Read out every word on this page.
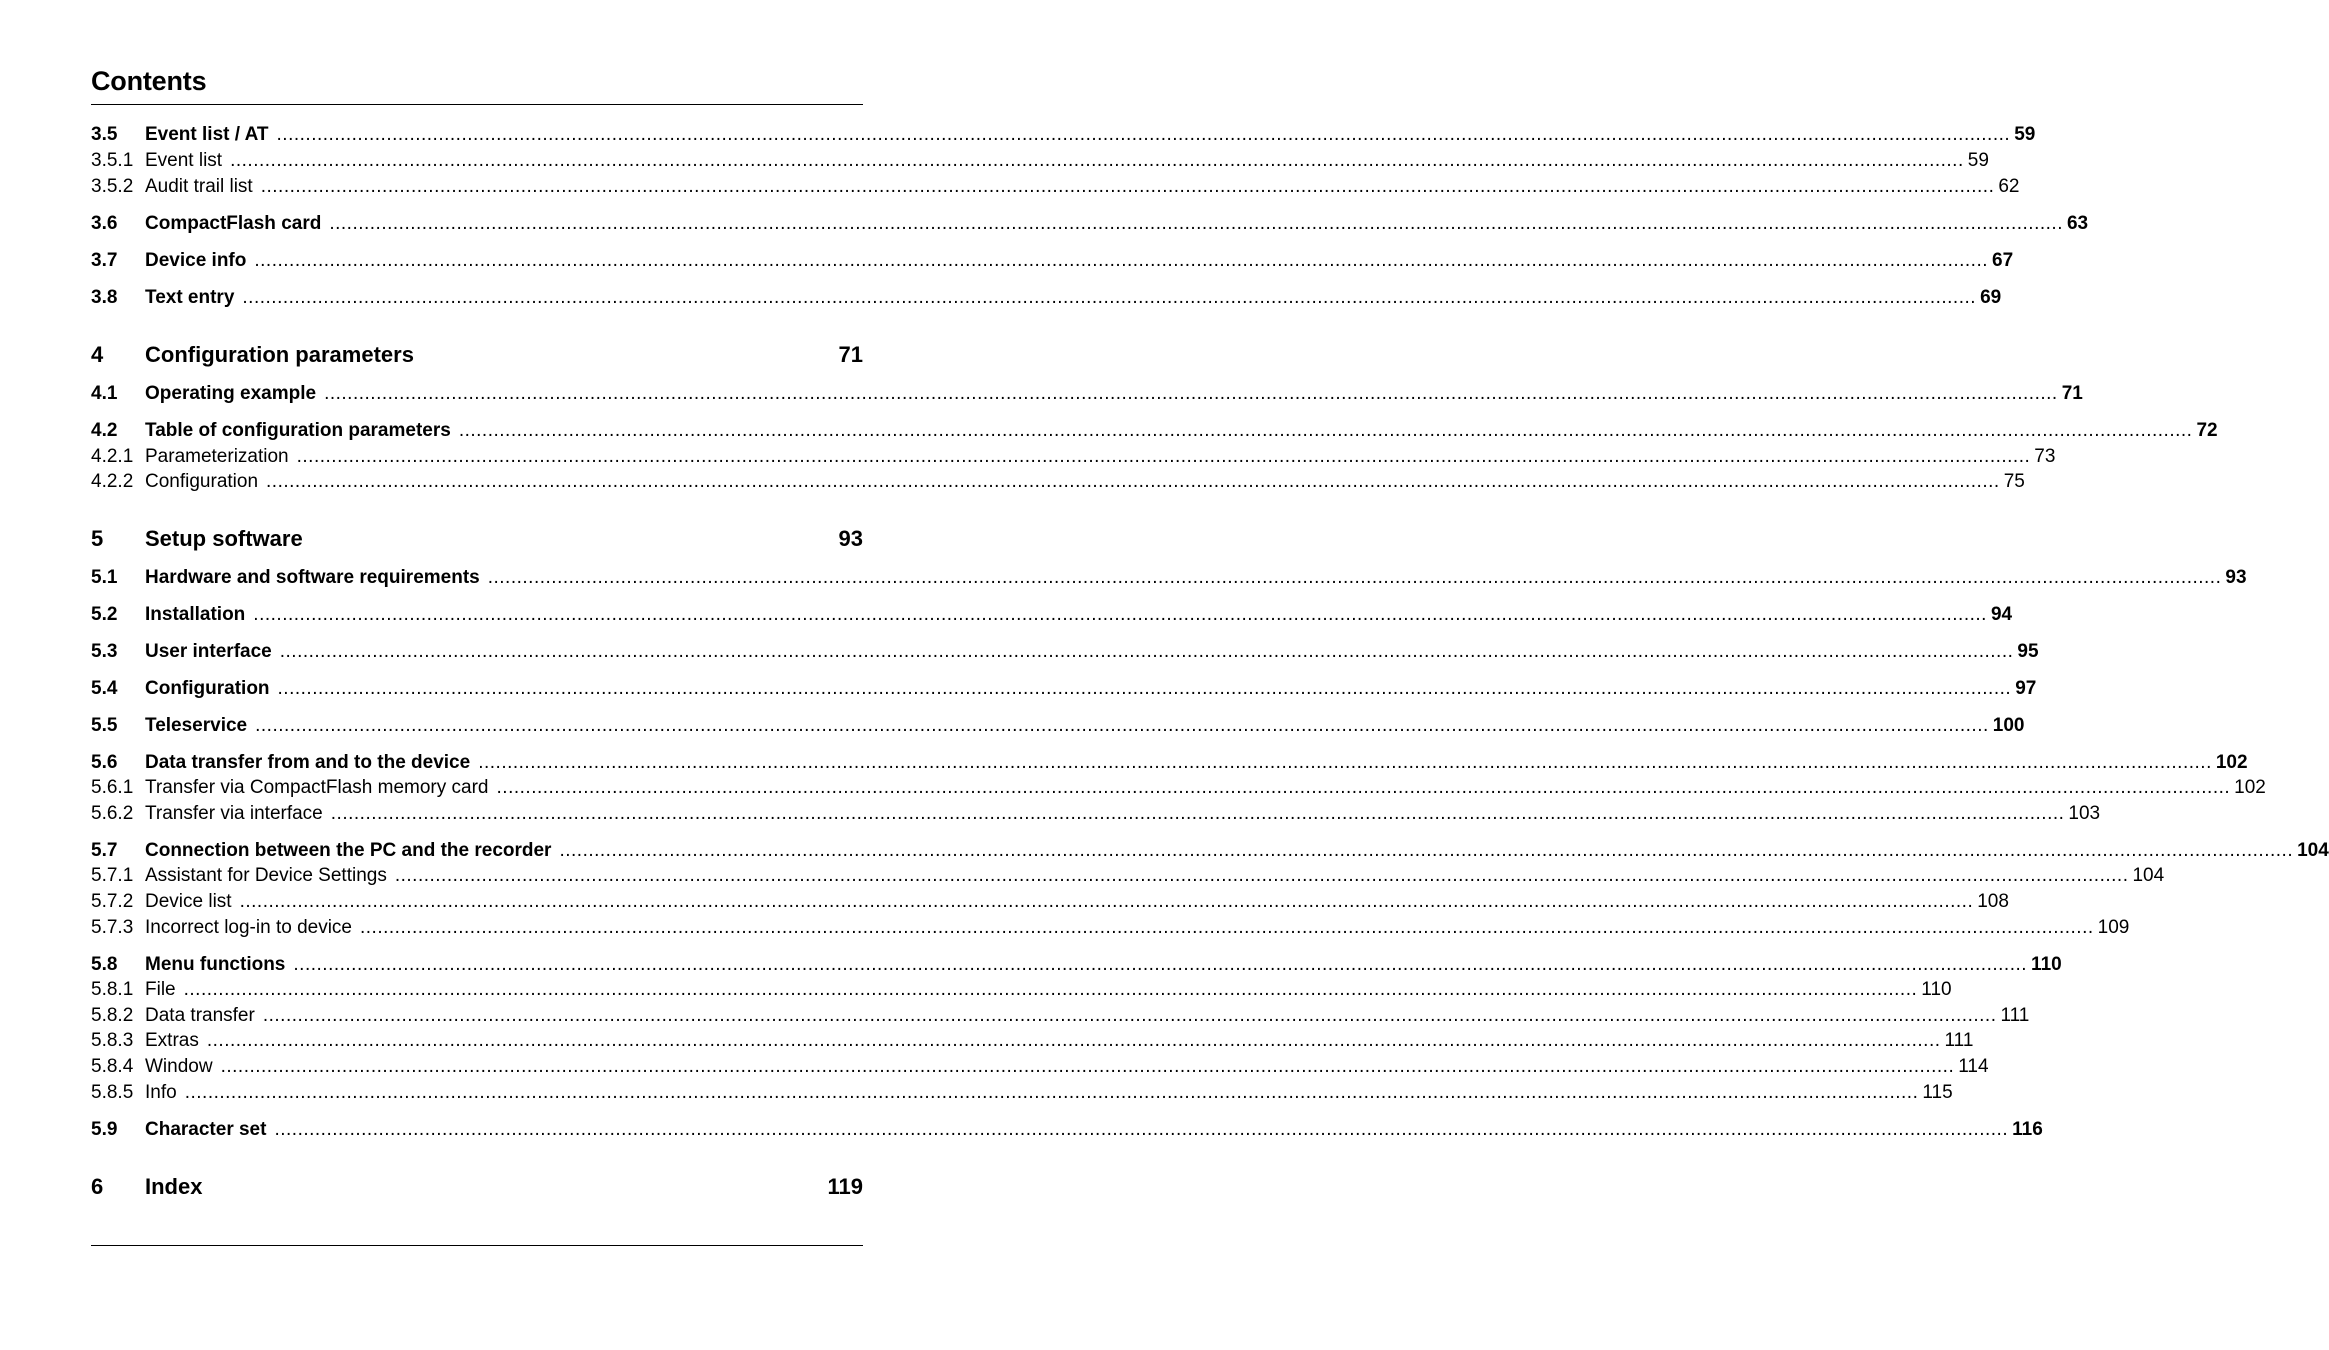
Contents
3.5	Event list / AT ............................................................................................................................................................................................................................................................................................................ 59
3.5.1 Event list ............................................................................................................................................................................................................................................................................................................ 59
3.5.2 Audit trail list ............................................................................................................................................................................................................................................................................................................ 62
3.6	CompactFlash card ............................................................................................................................................................................................................................................................................................................ 63
3.7	Device info ............................................................................................................................................................................................................................................................................................................ 67
3.8	Text entry ............................................................................................................................................................................................................................................................................................................ 69
4	Configuration parameters	71
4.1	Operating example ............................................................................................................................................................................................................................................................................................................ 71
4.2	Table of configuration parameters ............................................................................................................................................................................................................................................................................................................ 72
4.2.1 Parameterization ............................................................................................................................................................................................................................................................................................................ 73
4.2.2 Configuration ............................................................................................................................................................................................................................................................................................................ 75
5	Setup software	93
5.1	Hardware and software requirements ............................................................................................................................................................................................................................................................................................................ 93
5.2	Installation ............................................................................................................................................................................................................................................................................................................ 94
5.3	User interface ............................................................................................................................................................................................................................................................................................................ 95
5.4	Configuration ............................................................................................................................................................................................................................................................................................................ 97
5.5	Teleservice ............................................................................................................................................................................................................................................................................................................ 100
5.6	Data transfer from and to the device ............................................................................................................................................................................................................................................................................................................ 102
5.6.1 Transfer via CompactFlash memory card ............................................................................................................................................................................................................................................................................................................ 102
5.6.2 Transfer via interface ............................................................................................................................................................................................................................................................................................................ 103
5.7	Connection between the PC and the recorder ............................................................................................................................................................................................................................................................................................................ 104
5.7.1 Assistant for Device Settings ............................................................................................................................................................................................................................................................................................................ 104
5.7.2 Device list ............................................................................................................................................................................................................................................................................................................ 108
5.7.3 Incorrect log-in to device ............................................................................................................................................................................................................................................................................................................ 109
5.8	Menu functions ............................................................................................................................................................................................................................................................................................................ 110
5.8.1 File ............................................................................................................................................................................................................................................................................................................ 110
5.8.2 Data transfer ............................................................................................................................................................................................................................................................................................................ 111
5.8.3 Extras ............................................................................................................................................................................................................................................................................................................ 111
5.8.4 Window ............................................................................................................................................................................................................................................................................................................ 114
5.8.5 Info ............................................................................................................................................................................................................................................................................................................ 115
5.9	Character set ............................................................................................................................................................................................................................................................................................................ 116
6	Index	119
